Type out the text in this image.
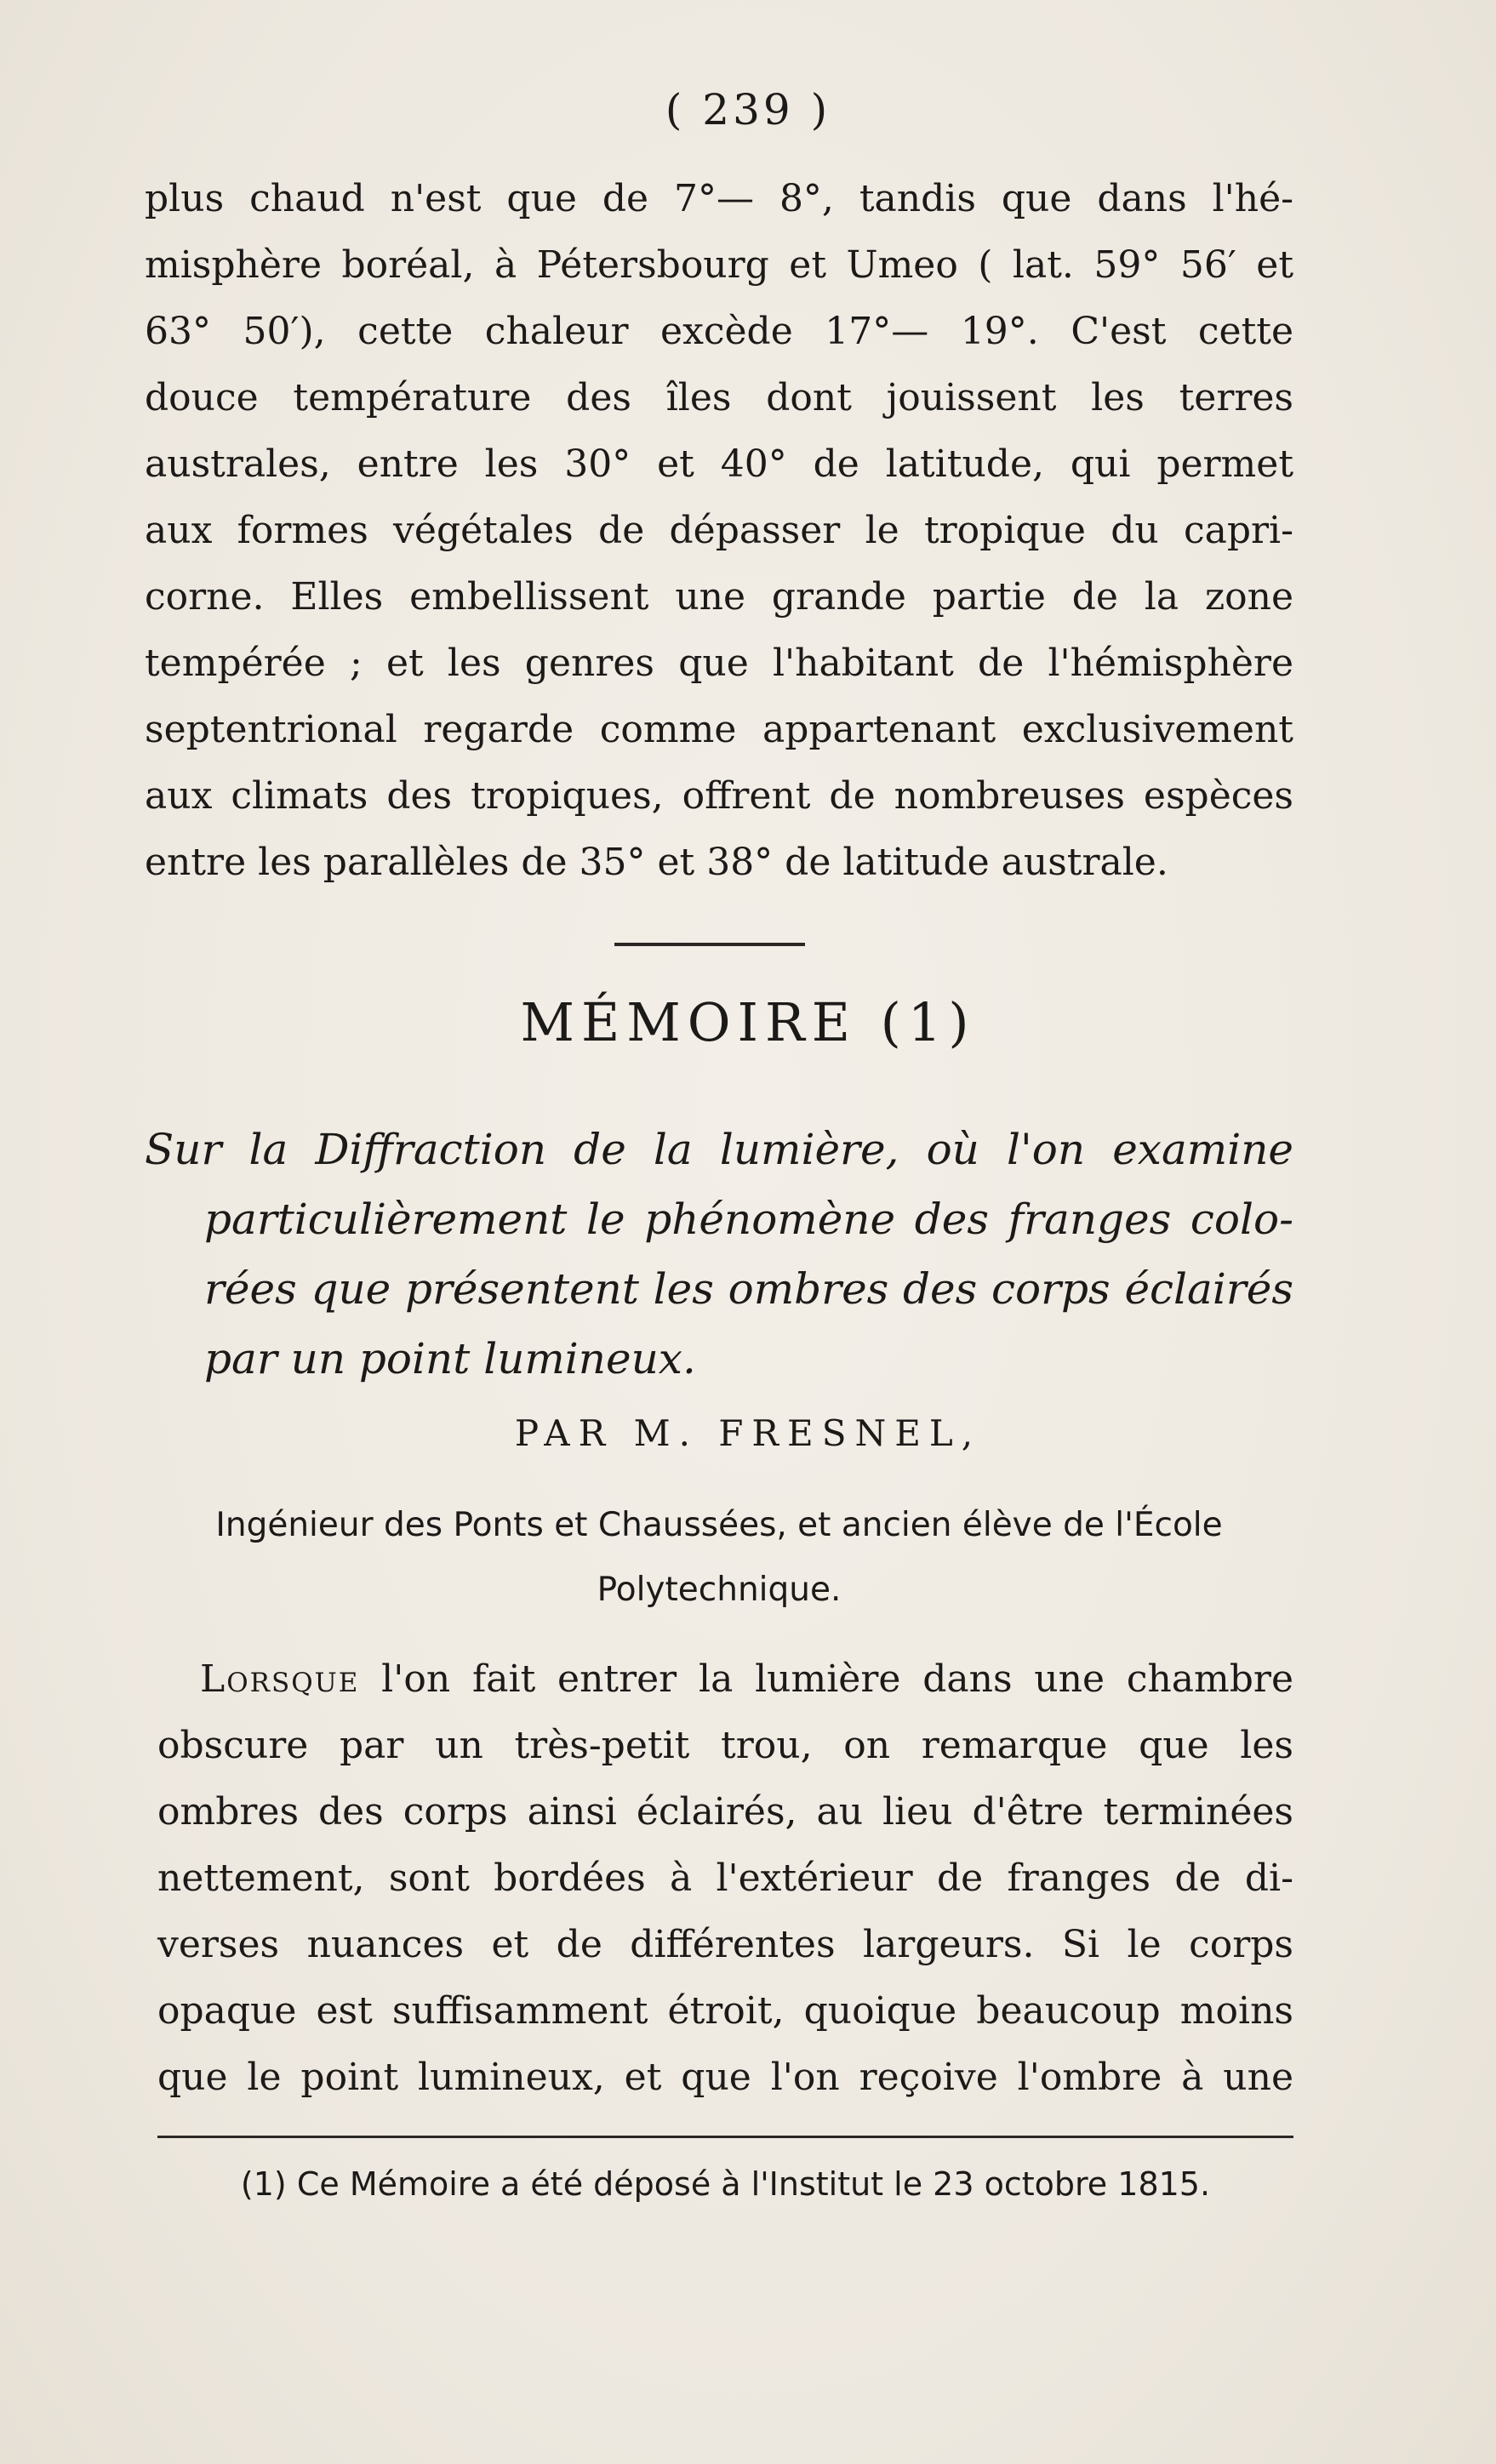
( 239 )
plus chaud n'est que de 7°— 8°, tandis que dans l'hé-
misphère boréal, à Pétersbourg et Umeo ( lat. 59° 56′ et
63° 50′), cette chaleur excède 17°— 19°. C'est cette
douce température des îles dont jouissent les terres
australes, entre les 30° et 40° de latitude, qui permet
aux formes végétales de dépasser le tropique du capri-
corne. Elles embellissent une grande partie de la zone
tempérée ; et les genres que l'habitant de l'hémisphère
septentrional regarde comme appartenant exclusivement
aux climats des tropiques, offrent de nombreuses espèces
entre les parallèles de 35° et 38° de latitude australe.
MÉMOIRE (1)
Sur la Diffraction de la lumière, où l'on examine
particulièrement le phénomène des franges colo-
rées que présentent les ombres des corps éclairés
par un point lumineux.
PAR M. FRESNEL,
Ingénieur des Ponts et Chaussées, et ancien élève de l'École Polytechnique.
Lorsque l'on fait entrer la lumière dans une chambre
obscure par un très-petit trou, on remarque que les
ombres des corps ainsi éclairés, au lieu d'être terminées
nettement, sont bordées à l'extérieur de franges de di-
verses nuances et de différentes largeurs. Si le corps
opaque est suffisamment étroit, quoique beaucoup moins
que le point lumineux, et que l'on reçoive l'ombre à une
(1) Ce Mémoire a été déposé à l'Institut le 23 octobre 1815.
